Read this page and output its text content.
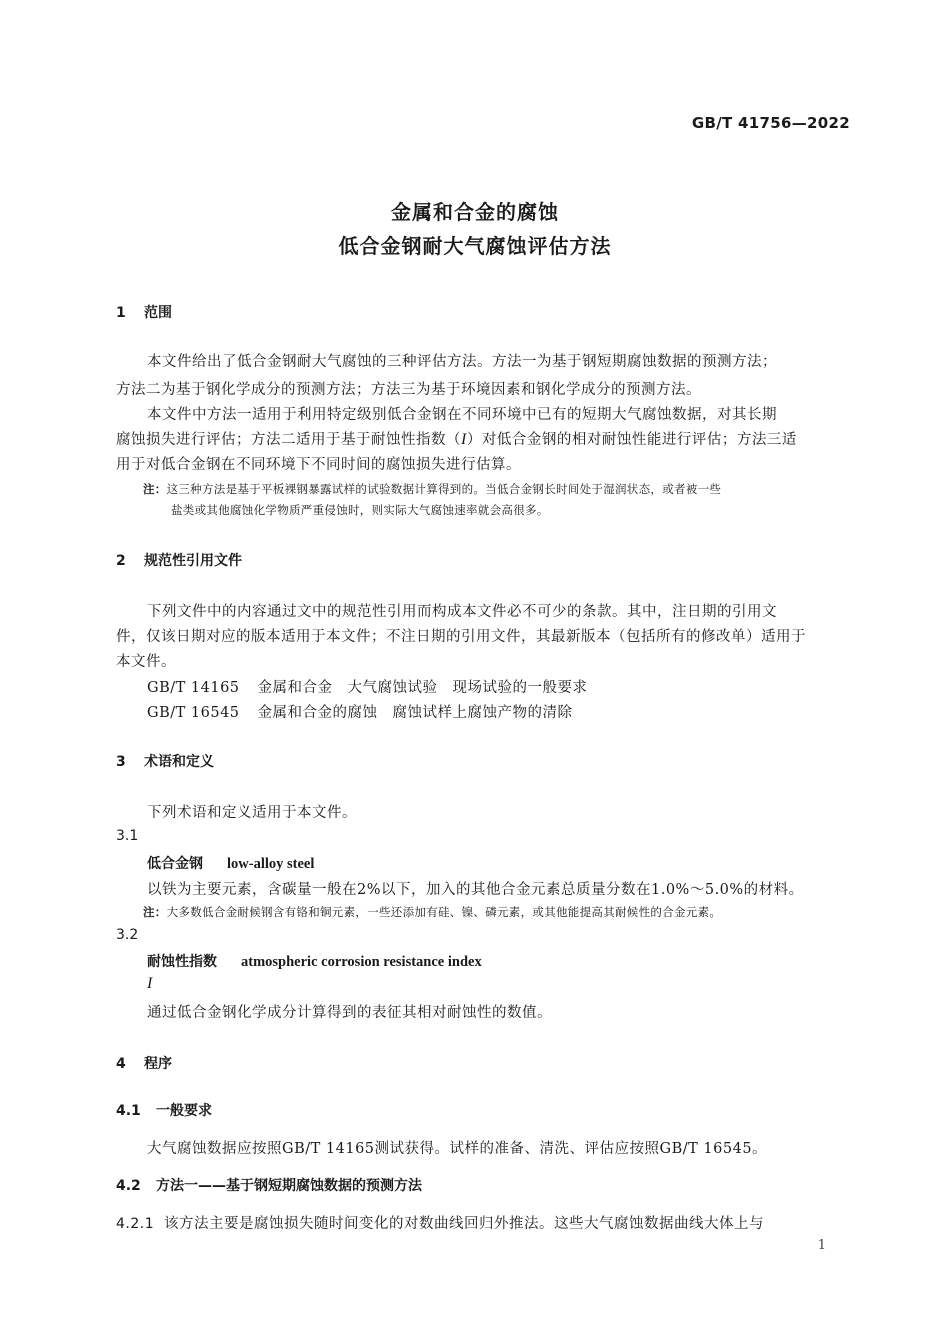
GB/T 41756—2022
金属和合金的腐蚀
低合金钢耐大气腐蚀评估方法
1 范围
本文件给出了低合金钢耐大气腐蚀的三种评估方法。方法一为基于钢短期腐蚀数据的预测方法；
方法二为基于钢化学成分的预测方法；方法三为基于环境因素和钢化学成分的预测方法。
本文件中方法一适用于利用特定级别低合金钢在不同环境中已有的短期大气腐蚀数据，对其长期
腐蚀损失进行评估；方法二适用于基于耐蚀性指数（I）对低合金钢的相对耐蚀性能进行评估；方法三适
用于对低合金钢在不同环境下不同时间的腐蚀损失进行估算。
注：这三种方法是基于平板裸钢暴露试样的试验数据计算得到的。当低合金钢长时间处于湿润状态，或者被一些
盐类或其他腐蚀化学物质严重侵蚀时，则实际大气腐蚀速率就会高很多。
2 规范性引用文件
下列文件中的内容通过文中的规范性引用而构成本文件必不可少的条款。其中，注日期的引用文
件，仅该日期对应的版本适用于本文件；不注日期的引用文件，其最新版本（包括所有的修改单）适用于
本文件。
GB/T 14165 金属和合金　大气腐蚀试验　现场试验的一般要求
GB/T 16545 金属和合金的腐蚀　腐蚀试样上腐蚀产物的清除
3 术语和定义
下列术语和定义适用于本文件。
3.1
低合金钢 low-alloy steel
以铁为主要元素，含碳量一般在2%以下，加入的其他合金元素总质量分数在1.0%～5.0%的材料。
注：大多数低合金耐候钢含有铬和铜元素，一些还添加有硅、镍、磷元素，或其他能提高其耐候性的合金元素。
3.2
耐蚀性指数 atmospheric corrosion resistance index
I
通过低合金钢化学成分计算得到的表征其相对耐蚀性的数值。
4 程序
4.1 一般要求
大气腐蚀数据应按照GB/T 14165测试获得。试样的准备、清洗、评估应按照GB/T 16545。
4.2 方法一——基于钢短期腐蚀数据的预测方法
4.2.1 该方法主要是腐蚀损失随时间变化的对数曲线回归外推法。这些大气腐蚀数据曲线大体上与
1
